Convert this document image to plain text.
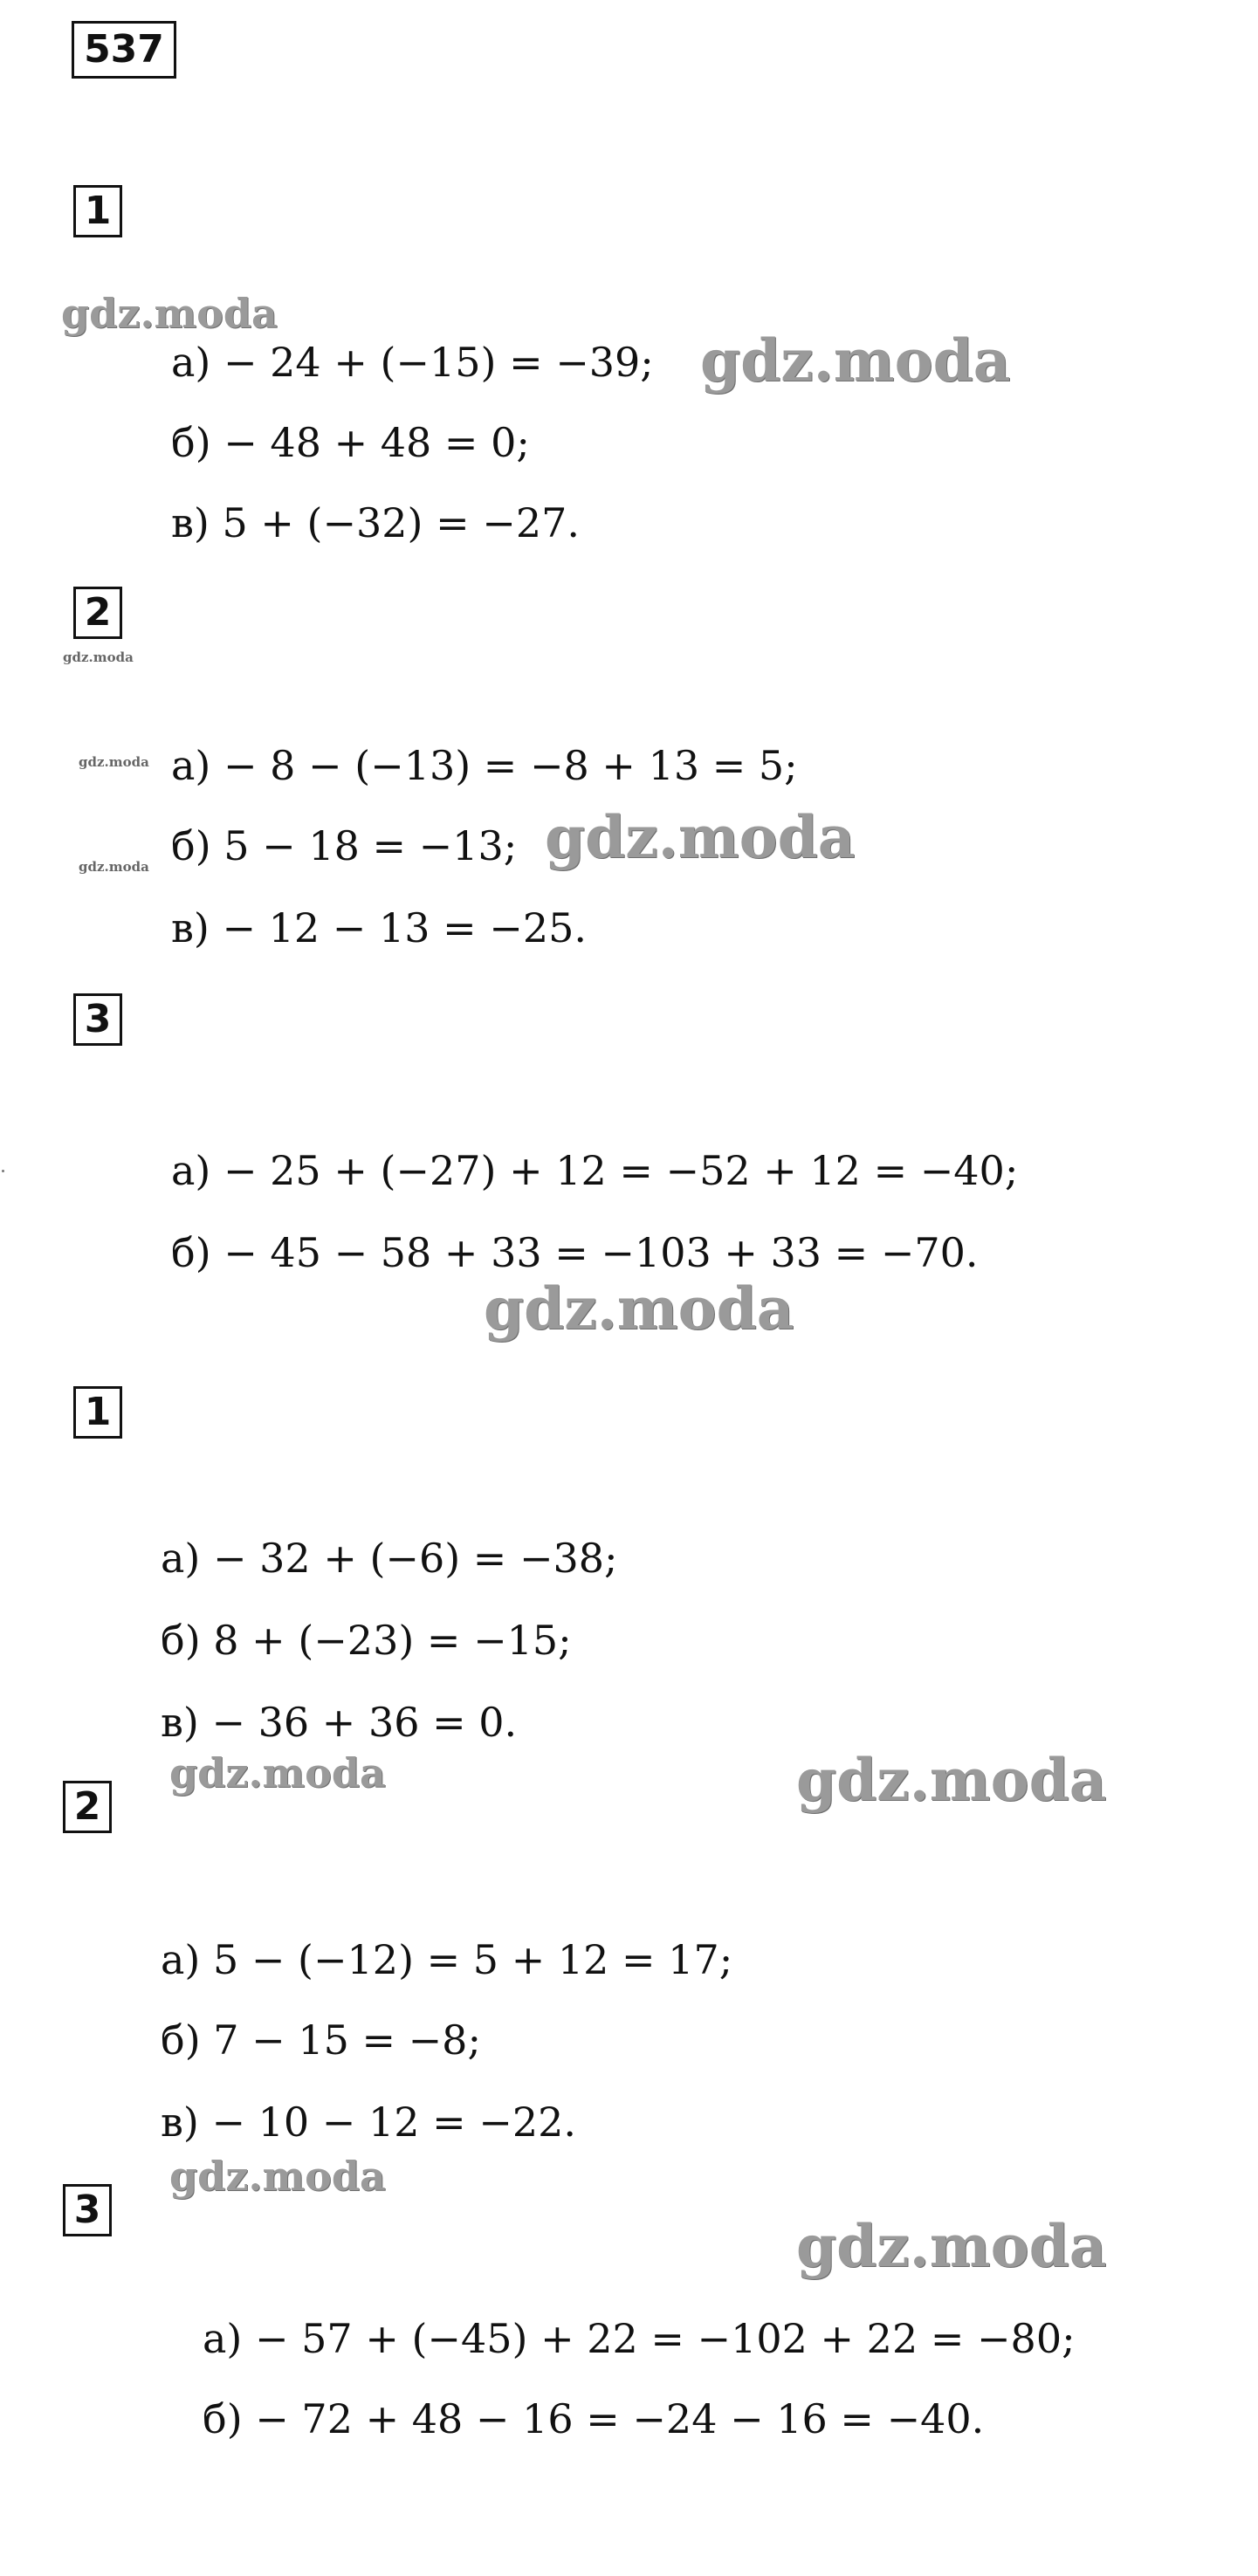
537
1
а) − 24 + (−15) = −39;
б) − 48 + 48 = 0;
в) 5 + (−32) = −27.
2
а) − 8 − (−13) = −8 + 13 = 5;
б) 5 − 18 = −13;
в) − 12 − 13 = −25.
3
а) − 25 + (−27) + 12 = −52 + 12 = −40;
б) − 45 − 58 + 33 = −103 + 33 = −70.
1
а) − 32 + (−6) = −38;
б) 8 + (−23) = −15;
в) − 36 + 36 = 0.
2
а) 5 − (−12) = 5 + 12 = 17;
б) 7 − 15 = −8;
в) − 10 − 12 = −22.
3
а) − 57 + (−45) + 22 = −102 + 22 = −80;
б) − 72 + 48 − 16 = −24 − 16 = −40.
gdz.moda
gdz.moda
gdz.moda
gdz.moda
gdz.moda	gdz.moda
gdz.moda
gdz.moda	gdz.moda
gdz.moda
gdz.moda
